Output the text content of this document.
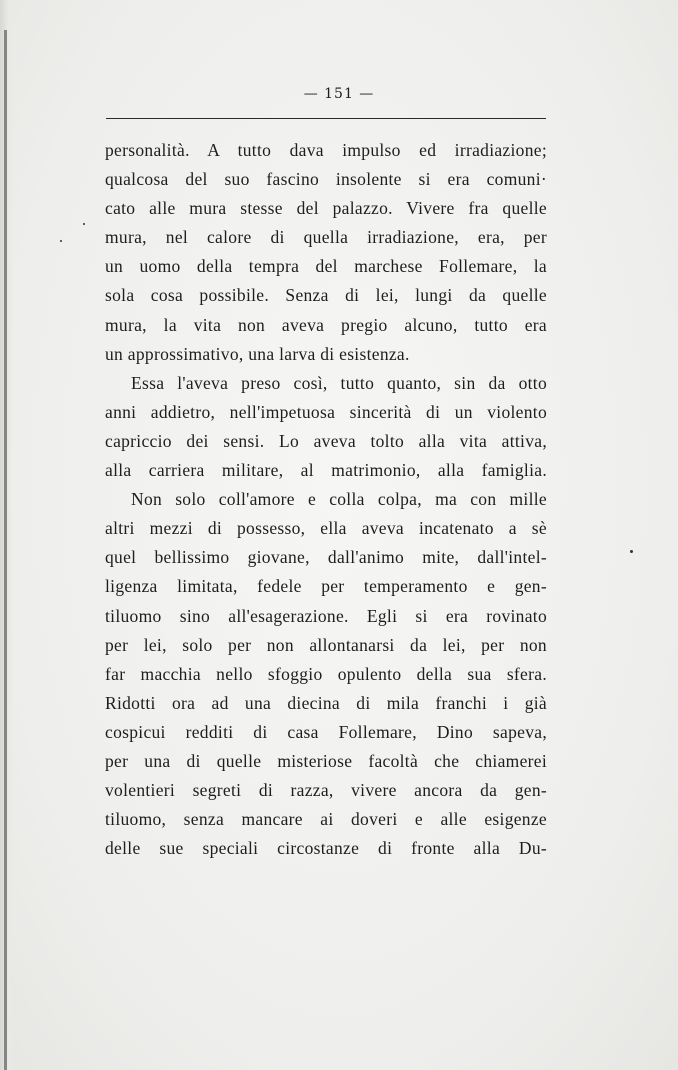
— 151 —
personalità. A tutto dava impulso ed irradiazione;
qualcosa del suo fascino insolente si era comuni·
cato alle mura stesse del palazzo. Vivere fra quelle
mura, nel calore di quella irradiazione, era, per
un uomo della tempra del marchese Follemare, la
sola cosa possibile. Senza di lei, lungi da quelle
mura, la vita non aveva pregio alcuno, tutto era
un approssimativo, una larva di esistenza.
Essa l'aveva preso così, tutto quanto, sin da otto
anni addietro, nell'impetuosa sincerità di un violento
capriccio dei sensi. Lo aveva tolto alla vita attiva,
alla carriera militare, al matrimonio, alla famiglia.
Non solo coll'amore e colla colpa, ma con mille
altri mezzi di possesso, ella aveva incatenato a sè
quel bellissimo giovane, dall'animo mite, dall'intel-
ligenza limitata, fedele per temperamento e gen-
tiluomo sino all'esagerazione. Egli si era rovinato
per lei, solo per non allontanarsi da lei, per non
far macchia nello sfoggio opulento della sua sfera.
Ridotti ora ad una diecina di mila franchi i già
cospicui redditi di casa Follemare, Dino sapeva,
per una di quelle misteriose facoltà che chiamerei
volentieri segreti di razza, vivere ancora da gen-
tiluomo, senza mancare ai doveri e alle esigenze
delle sue speciali circostanze di fronte alla Du-
